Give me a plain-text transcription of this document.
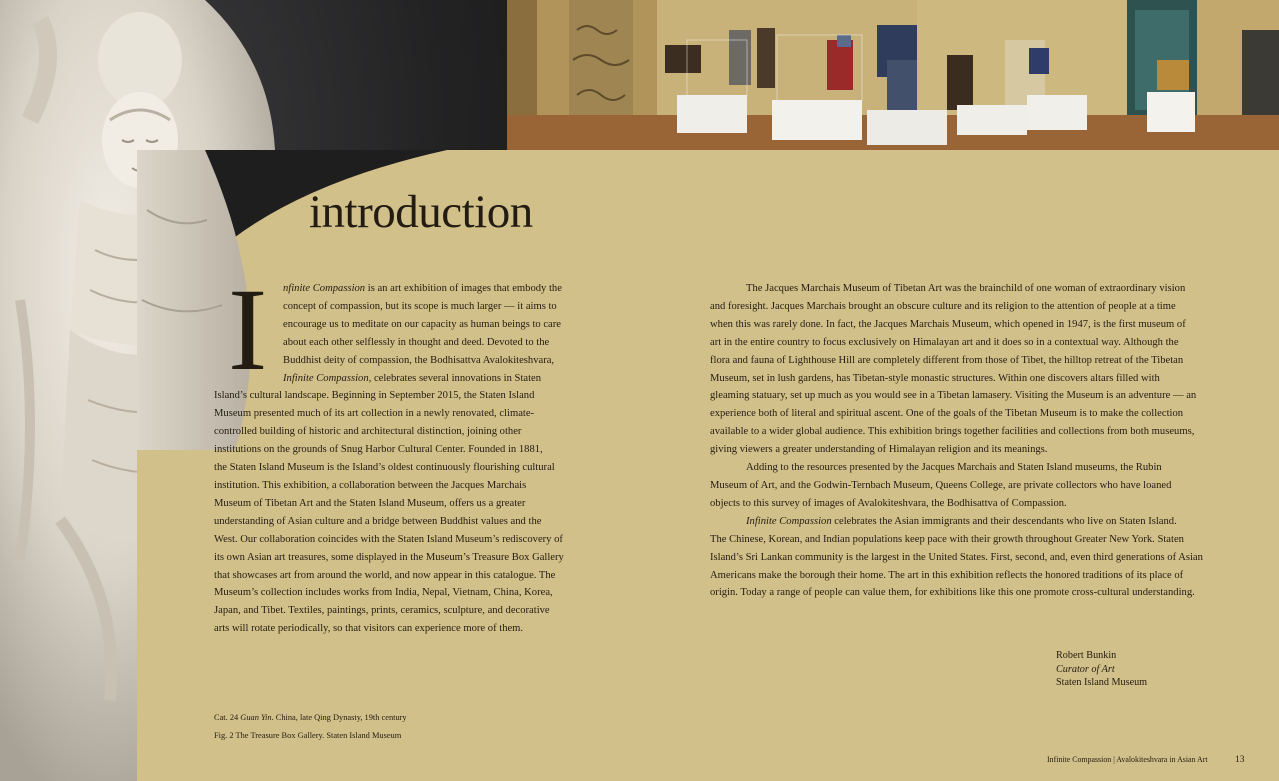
introduction
I nfinite Compassion is an art exhibition of images that embody the

concept of compassion, but its scope is much larger — it aims to

encourage us to meditate on our capacity as human beings to care

about each other selflessly in thought and deed. Devoted to the

Buddhist deity of compassion, the Bodhisattva Avalokiteshvara,

Infinite Compassion, celebrates several innovations in Staten

Island’s cultural landscape. Beginning in September 2015, the Staten Island

Museum presented much of its art collection in a newly renovated, climate-

controlled building of historic and architectural distinction, joining other

institutions on the grounds of Snug Harbor Cultural Center. Founded in 1881,

the Staten Island Museum is the Island’s oldest continuously flourishing cultural

institution. This exhibition, a collaboration between the Jacques Marchais

Museum of Tibetan Art and the Staten Island Museum, offers us a greater

understanding of Asian culture and a bridge between Buddhist values and the

West. Our collaboration coincides with the Staten Island Museum’s rediscovery of

its own Asian art treasures, some displayed in the Museum’s Treasure Box Gallery

that showcases art from around the world, and now appear in this catalogue. The

Museum’s collection includes works from India, Nepal, Vietnam, China, Korea,

Japan, and Tibet. Textiles, paintings, prints, ceramics, sculpture, and decorative

arts will rotate periodically, so that visitors can experience more of them.

The Jacques Marchais Museum of Tibetan Art was the brainchild of one woman of extraordinary vision

and foresight. Jacques Marchais brought an obscure culture and its religion to the attention of people at a time

when this was rarely done. In fact, the Jacques Marchais Museum, which opened in 1947, is the first museum of

art in the entire country to focus exclusively on Himalayan art and it does so in a contextual way. Although the

flora and fauna of Lighthouse Hill are completely different from those of Tibet, the hilltop retreat of the Tibetan

Museum, set in lush gardens, has Tibetan-style monastic structures. Within one discovers altars filled with

gleaming statuary, set up much as you would see in a Tibetan lamasery. Visiting the Museum is an adventure — an

experience both of literal and spiritual ascent. One of the goals of the Tibetan Museum is to make the collection

available to a wider global audience. This exhibition brings together facilities and collections from both museums,

giving viewers a greater understanding of Himalayan religion and its meanings.

Adding to the resources presented by the Jacques Marchais and Staten Island museums, the Rubin

Museum of Art, and the Godwin-Ternbach Museum, Queens College, are private collectors who have loaned

objects to this survey of images of Avalokiteshvara, the Bodhisattva of Compassion.

Infinite Compassion celebrates the Asian immigrants and their descendants who live on Staten Island.

The Chinese, Korean, and Indian populations keep pace with their growth throughout Greater New York. Staten

Island’s Sri Lankan community is the largest in the United States. First, second, and, even third generations of Asian

Americans make the borough their home. The art in this exhibition reflects the honored traditions of its place of

origin. Today a range of people can value them, for exhibitions like this one promote cross-cultural understanding.

Robert Bunkin
Curator of Art
Staten Island Museum
Cat. 24 Guan Yin. China, late Qing Dynasty, 19th century
Fig. 2 The Treasure Box Gallery. Staten Island Museum
Infinite Compassion | Avalokiteshvara in Asian Art	13
